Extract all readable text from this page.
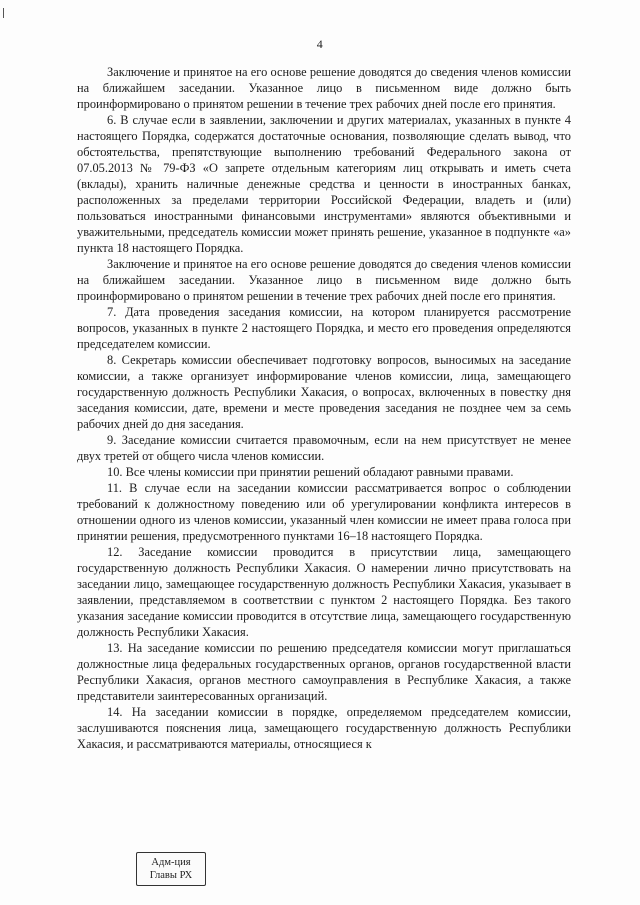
4

Заключение и принятое на его основе решение доводятся до сведения членов комиссии на ближайшем заседании. Указанное лицо в письменном виде должно быть проинформировано о принятом решении в течение трех рабочих дней после его принятия.

6. В случае если в заявлении, заключении и других материалах, указанных в пункте 4 настоящего Порядка, содержатся достаточные основания, позволяющие сделать вывод, что обстоятельства, препятствующие выполнению требований Федерального закона от 07.05.2013 № 79-ФЗ «О запрете отдельным категориям лиц открывать и иметь счета (вклады), хранить наличные денежные средства и ценности в иностранных банках, расположенных за пределами территории Российской Федерации, владеть и (или) пользоваться иностранными финансовыми инструментами» являются объективными и уважительными, председатель комиссии может принять решение, указанное в подпункте «а» пункта 18 настоящего Порядка.

Заключение и принятое на его основе решение доводятся до сведения членов комиссии на ближайшем заседании. Указанное лицо в письменном виде должно быть проинформировано о принятом решении в течение трех рабочих дней после его принятия.

7. Дата проведения заседания комиссии, на котором планируется рассмотрение вопросов, указанных в пункте 2 настоящего Порядка, и место его проведения определяются председателем комиссии.

8. Секретарь комиссии обеспечивает подготовку вопросов, выносимых на заседание комиссии, а также организует информирование членов комиссии, лица, замещающего государственную должность Республики Хакасия, о вопросах, включенных в повестку дня заседания комиссии, дате, времени и месте проведения заседания не позднее чем за семь рабочих дней до дня заседания.

9. Заседание комиссии считается правомочным, если на нем присутствует не менее двух третей от общего числа членов комиссии.

10. Все члены комиссии при принятии решений обладают равными правами.

11. В случае если на заседании комиссии рассматривается вопрос о соблюдении требований к должностному поведению или об урегулировании конфликта интересов в отношении одного из членов комиссии, указанный член комиссии не имеет права голоса при принятии решения, предусмотренного пунктами 16–18 настоящего Порядка.

12. Заседание комиссии проводится в присутствии лица, замещающего государственную должность Республики Хакасия. О намерении лично присутствовать на заседании лицо, замещающее государственную должность Республики Хакасия, указывает в заявлении, представляемом в соответствии с пунктом 2 настоящего Порядка. Без такого указания заседание комиссии проводится в отсутствие лица, замещающего государственную должность Республики Хакасия.

13. На заседание комиссии по решению председателя комиссии могут приглашаться должностные лица федеральных государственных органов, органов государственной власти Республики Хакасия, органов местного самоуправления в Республике Хакасия, а также представители заинтересованных организаций.

14. На заседании комиссии в порядке, определяемом председателем комиссии, заслушиваются пояснения лица, замещающего государственную должность Республики Хакасия, и рассматриваются материалы, относящиеся к

Адм-ция
Главы РХ
